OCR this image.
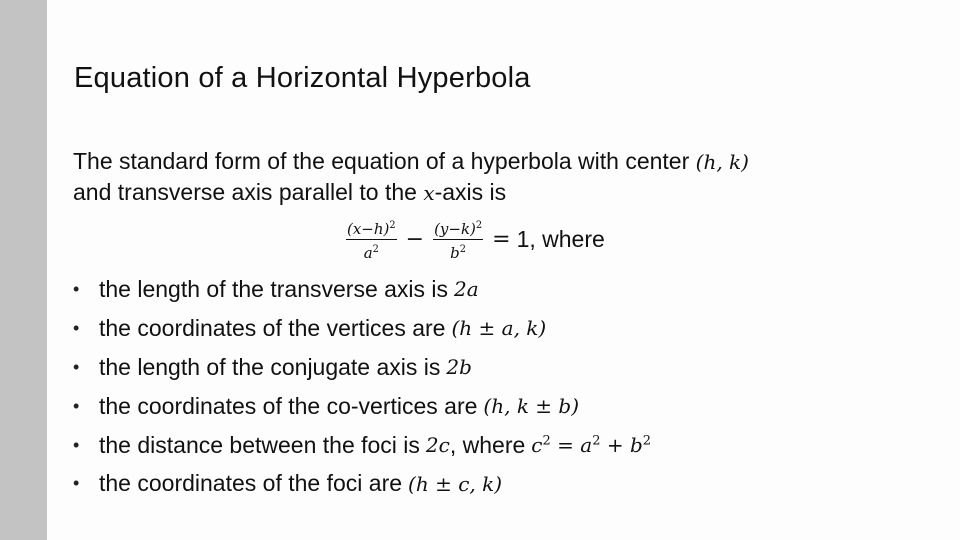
Equation of a Horizontal Hyperbola
The standard form of the equation of a hyperbola with center (h, k)
and transverse axis parallel to the x-axis is
$\frac{(x-h)^2}{a^2} - \frac{(y-k)^2}{b^2} = 1$ , where
• the length of the transverse axis is 2a
• the coordinates of the vertices are (h ± a, k)
• the length of the conjugate axis is 2b
• the coordinates of the co-vertices are (h, k ± b)
• the distance between the foci is 2c , where $c^2 = a^2 + b^2$
• the coordinates of the foci are (h ± c, k)
